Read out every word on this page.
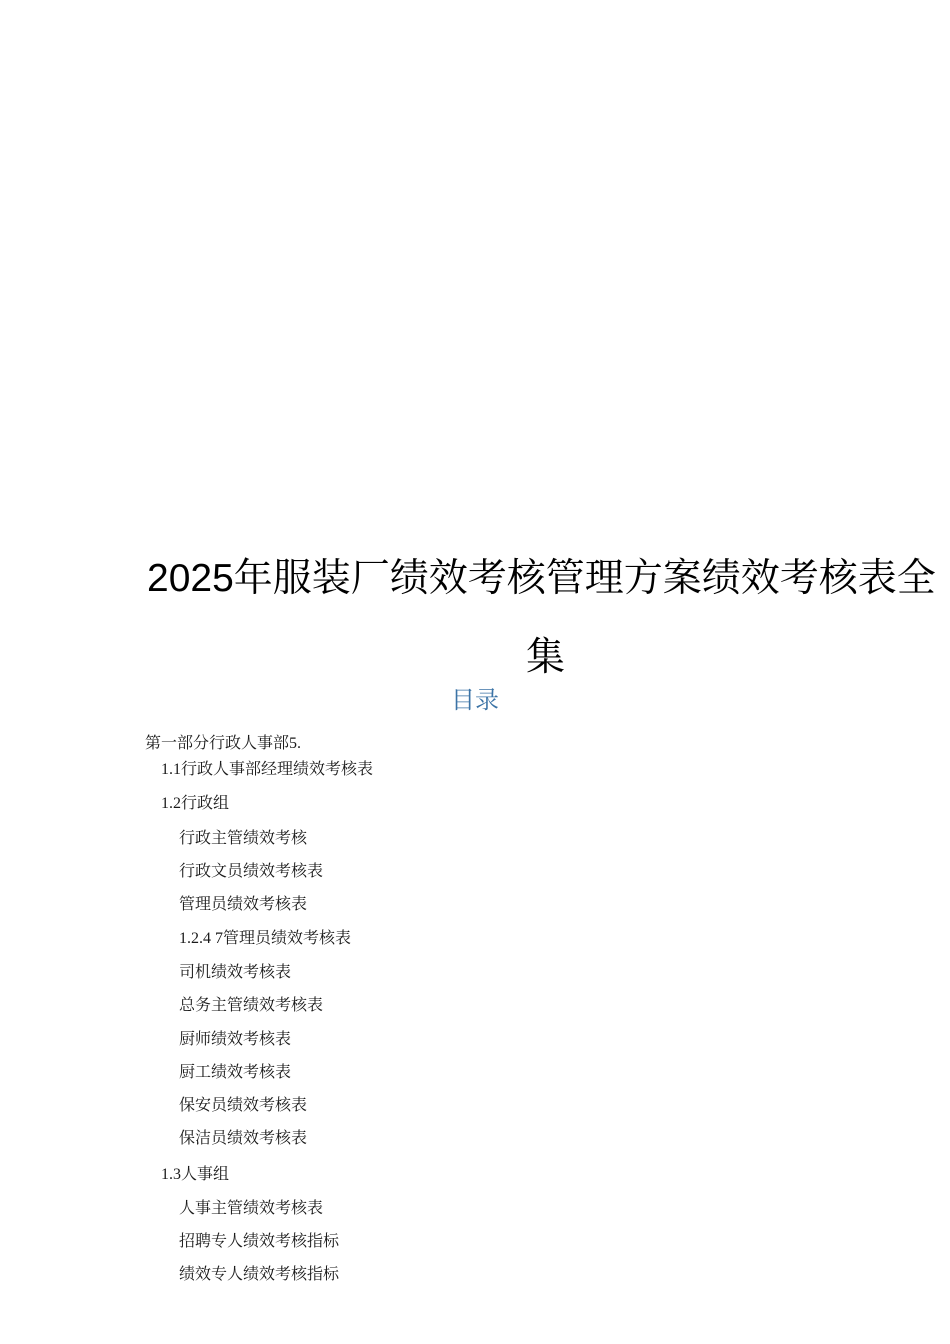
2025年服装厂绩效考核管理方案绩效考核表全
集
目录
第一部分行政人事部5.
1.1行政人事部经理绩效考核表
1.2行政组
行政主管绩效考核
行政文员绩效考核表
管理员绩效考核表
1.2.4 7管理员绩效考核表
司机绩效考核表
总务主管绩效考核表
厨师绩效考核表
厨工绩效考核表
保安员绩效考核表
保洁员绩效考核表
1.3人事组
人事主管绩效考核表
招聘专人绩效考核指标
绩效专人绩效考核指标
